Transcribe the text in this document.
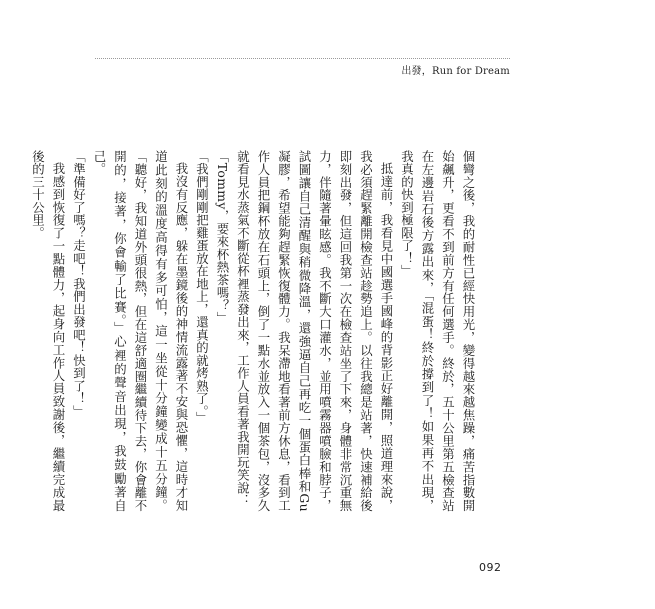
出發，Run for Dream

個彎之後，我的耐性已經快用光，變得越來越焦躁，痛苦指數開始飆升，更看不到前方有任何選手。終於，五十公里第五檢查站在左邊岩石後方露出來，「混蛋！終於撐到了！如果再不出現，我真的快到極限了！」

抵達前，我看見中國選手國峰的背影正好離開，照道理來說，我必須趕緊離開檢查站趁勢追上。以往我總是站著，快速補給後即刻出發，但這回我第一次在檢查站坐了下來，身體非常沉重無力，伴隨著暈眩感。我不斷大口灌水，並用噴霧器噴臉和脖子，試圖讓自己清醒與稍微降溫，還強逼自己再吃一個蛋白棒和Gu凝膠，希望能夠趕緊恢復體力。我呆滯地看著前方休息，看到工作人員把鋼杯放在石頭上，倒了一點水並放入一個茶包，沒多久就看見水蒸氣不斷從杯裡蒸發出來，工作人員看著我開玩笑說：

「Tommy，要來杯熱茶嗎？」

「我們剛剛把雞蛋放在地上，還真的就烤熟了。」

我沒有反應，躲在墨鏡後的神情流露著不安與恐懼，這時才知道此刻的溫度高得有多可怕，這一坐從十分鐘變成十五分鐘。「聽好，我知道外頭很熱，但在這舒適圈繼續待下去，你會離不開的，接著，你會輸了比賽。」心裡的聲音出現，我鼓勵著自己。

「準備好了嗎？走吧！我們出發吧！快到了！」

我感到恢復了一點體力，起身向工作人員致謝後，繼續完成最後的三十公里。

092
